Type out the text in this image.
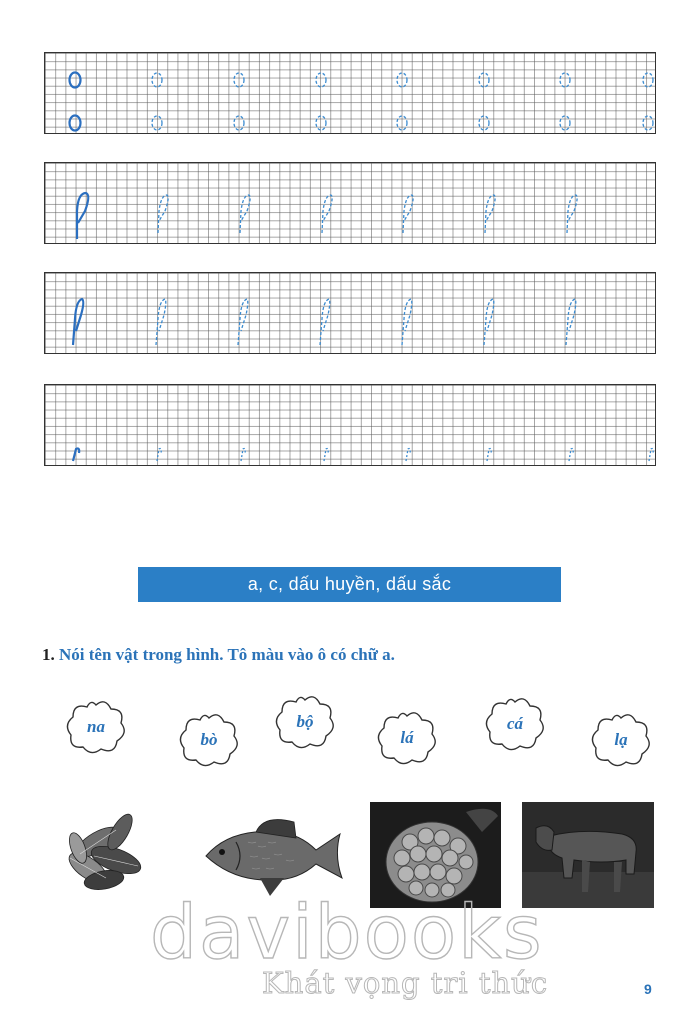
a, c, dấu huyền, dấu sắc
1. Nói tên vật trong hình. Tô màu vào ô có chữ a.
na
bò
bộ
lá
cá
lạ
davibooks
Khát vọng tri thức	9
